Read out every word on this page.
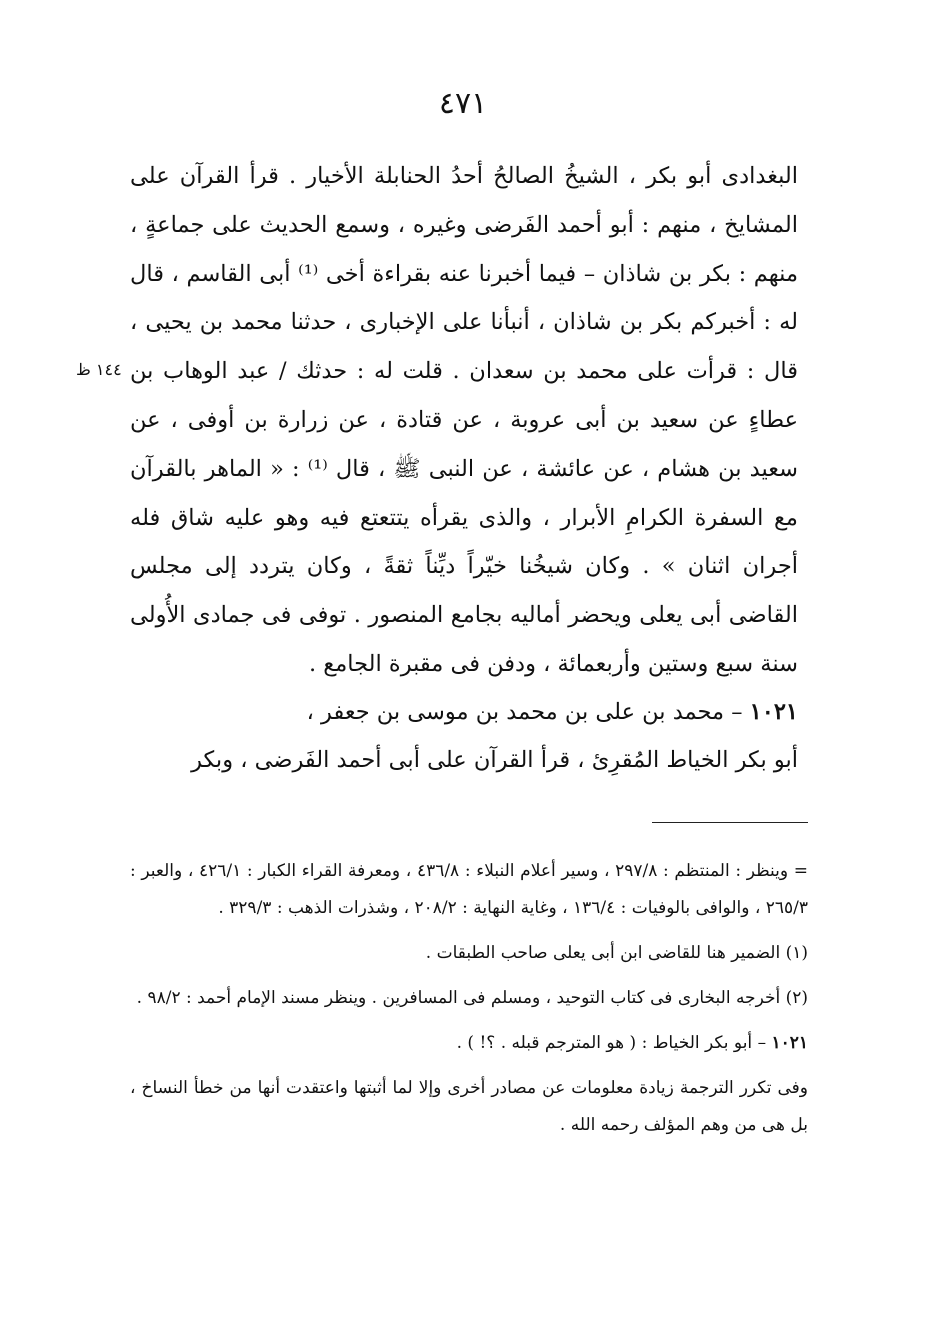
٤٧١
١٤٤ ظ

البغدادى أبو بكر ، الشيخُ الصالحُ أحدُ الحنابلة الأخيار . قرأ القرآن على المشايخ ، منهم : أبو أحمد الفَرضى وغيره ، وسمع الحديث على جماعةٍ ، منهم : بكر بن شاذان – فيما أخبرنا عنه بقراءة أخى ⁽¹⁾ أبى القاسم ، قال له : أخبركم بكر بن شاذان ، أنبأنا على الإخبارى ، حدثنا محمد بن يحيى ، قال : قرأت على محمد بن سعدان . قلت له : حدثك / عبد الوهاب بن عطاءٍ عن سعيد بن أبى عروبة ، عن قتادة ، عن زرارة بن أوفى ، عن سعيد بن هشام ، عن عائشة ، عن النبى ﷺ ، قال ⁽¹⁾ : « الماهر بالقرآن مع السفرة الكرامِ الأبرار ، والذى يقرأه يتتعتع فيه وهو عليه شاق فله أجران اثنان » . وكان شيخُنا خيّراً ديِّناً ثقةً ، وكان يتردد إلى مجلس القاضى أبى يعلى ويحضر أماليه بجامع المنصور . توفى فى جمادى الأُولى سنة سبع وستين وأربعمائة ، ودفن فى مقبرة الجامع .

١٠٢١ – محمد بن على بن محمد بن موسى بن جعفر ،
أبو بكر الخياط المُقرِئ ، قرأ القرآن على أبى أحمد الفَرضى ، وبكر

= وينظر : المنتظم : ٢٩٧/٨ ، وسير أعلام النبلاء : ٤٣٦/٨ ، ومعرفة القراء الكبار : ٤٢٦/١ ، والعبر : ٢٦٥/٣ ، والوافى بالوفيات : ١٣٦/٤ ، وغاية النهاية : ٢٠٨/٢ ، وشذرات الذهب : ٣٢٩/٣ .

(١) الضمير هنا للقاضى ابن أبى يعلى صاحب الطبقات .

(٢) أخرجه البخارى فى كتاب التوحيد ، ومسلم فى المسافرين . وينظر مسند الإمام أحمد : ٩٨/٢ .

١٠٢١ – أبو بكر الخياط : ( هو المترجم قبله . ؟! ) .

وفى تكرر الترجمة زيادة معلومات عن مصادر أخرى وإلا لما أثبتها واعتقدت أنها من خطأ النساخ ، بل هى من وهم المؤلف رحمه الله .
